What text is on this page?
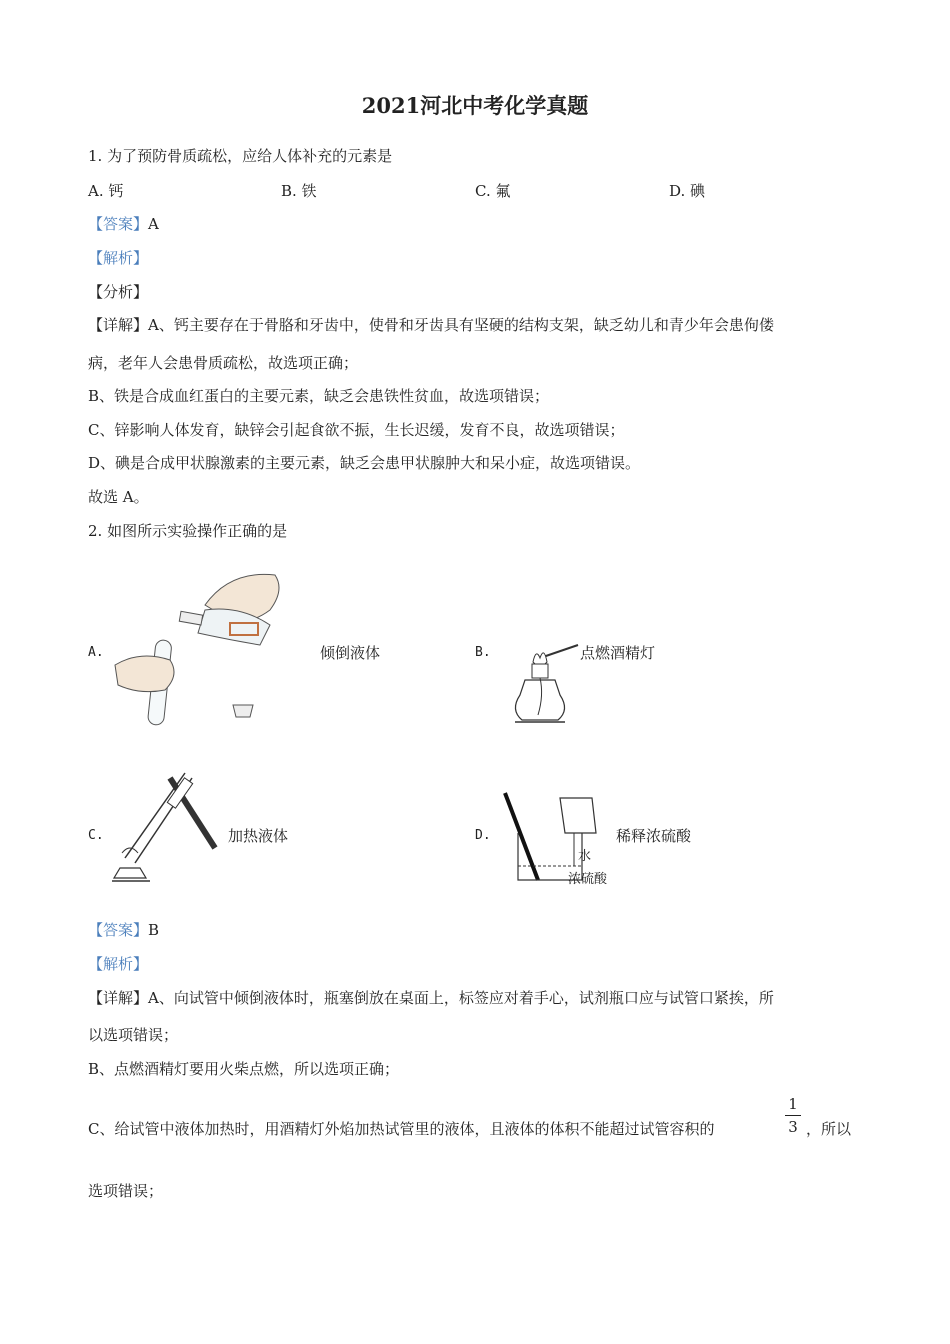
2021河北中考化学真题
1. 为了预防骨质疏松，应给人体补充的元素是
A. 钙	B. 铁	C. 氟	D. 碘
【答案】A
【解析】
【分析】
【详解】A、钙主要存在于骨胳和牙齿中，使骨和牙齿具有坚硬的结构支架，缺乏幼儿和青少年会患佝偻
病，老年人会患骨质疏松，故选项正确；
B、铁是合成血红蛋白的主要元素，缺乏会患铁性贫血，故选项错误；
C、锌影响人体发育，缺锌会引起食欲不振，生长迟缓，发育不良，故选项错误；
D、碘是合成甲状腺激素的主要元素，缺乏会患甲状腺肿大和呆小症，故选项错误。
故选 A。
2. 如图所示实验操作正确的是
A.	倾倒液体	B.	点燃酒精灯
C.	加热液体	D.
水
浓硫酸
稀释浓硫酸
【答案】B
【解析】
【详解】A、向试管中倾倒液体时，瓶塞倒放在桌面上，标签应对着手心，试剂瓶口应与试管口紧挨，所
以选项错误；
B、点燃酒精灯要用火柴点燃，所以选项正确；
C、给试管中液体加热时，用酒精灯外焰加热试管里的液体，且液体的体积不能超过试管容积的
1
3 ，所以
选项错误；
